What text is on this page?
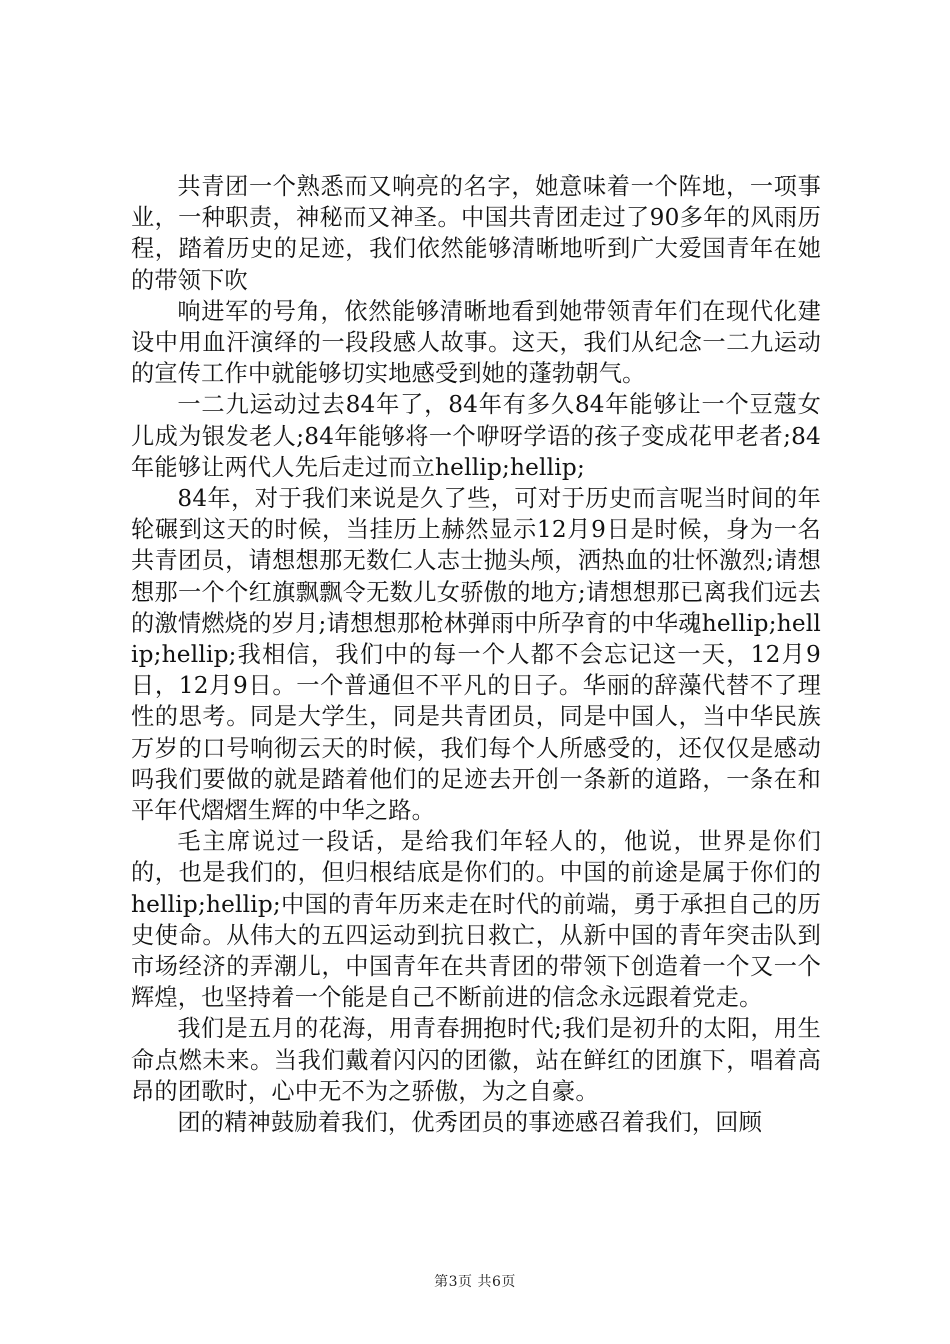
共青团一个熟悉而又响亮的名字，她意味着一个阵地，一项事业，一种职责，神秘而又神圣。中国共青团走过了90多年的风雨历程，踏着历史的足迹，我们依然能够清晰地听到广大爱国青年在她的带领下吹

响进军的号角，依然能够清晰地看到她带领青年们在现代化建设中用血汗演绎的一段段感人故事。这天，我们从纪念一二九运动的宣传工作中就能够切实地感受到她的蓬勃朝气。

一二九运动过去84年了，84年有多久84年能够让一个豆蔻女儿成为银发老人;84年能够将一个咿呀学语的孩子变成花甲老者;84年能够让两代人先后走过而立hellip;hellip;

84年，对于我们来说是久了些，可对于历史而言呢当时间的年轮碾到这天的时候，当挂历上赫然显示12月9日是时候，身为一名共青团员，请想想那无数仁人志士抛头颅，洒热血的壮怀激烈;请想想那一个个红旗飘飘令无数儿女骄傲的地方;请想想那已离我们远去的激情燃烧的岁月;请想想那枪林弹雨中所孕育的中华魂hellip;hellip;hellip;我相信，我们中的每一个人都不会忘记这一天，12月9日，12月9日。一个普通但不平凡的日子。华丽的辞藻代替不了理性的思考。同是大学生，同是共青团员，同是中国人，当中华民族万岁的口号响彻云天的时候，我们每个人所感受的，还仅仅是感动吗我们要做的就是踏着他们的足迹去开创一条新的道路，一条在和平年代熠熠生辉的中华之路。

毛主席说过一段话，是给我们年轻人的，他说，世界是你们的，也是我们的，但归根结底是你们的。中国的前途是属于你们的hellip;hellip;中国的青年历来走在时代的前端，勇于承担自己的历史使命。从伟大的五四运动到抗日救亡，从新中国的青年突击队到市场经济的弄潮儿，中国青年在共青团的带领下创造着一个又一个辉煌，也坚持着一个能是自己不断前进的信念永远跟着党走。

我们是五月的花海，用青春拥抱时代;我们是初升的太阳，用生命点燃未来。当我们戴着闪闪的团徽，站在鲜红的团旗下，唱着高昂的团歌时，心中无不为之骄傲，为之自豪。

团的精神鼓励着我们，优秀团员的事迹感召着我们，回顾

第3页 共6页
